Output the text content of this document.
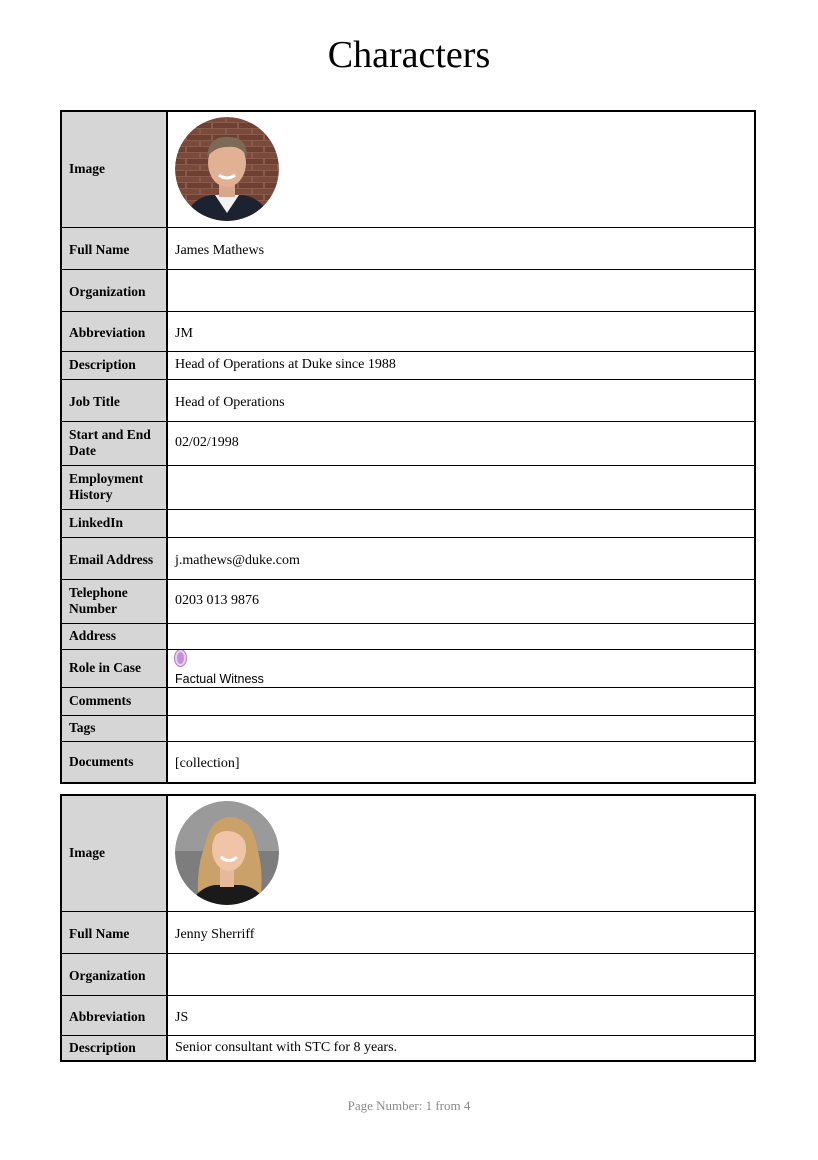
Characters
Image	

Full Name	James Mathews

Organization	

Abbreviation	JM

Description	Head of Operations at Duke since 1988

Job Title	Head of Operations

Start and End Date	02/02/1998
Employment History	
LinkedIn	

Email Address	j.mathews@duke.com

Telephone Number	0203 013 9876
Address	
Role in Case	Factual Witness

Comments	
Tags	
Documents	[collection]
Image	

Full Name	Jenny Sherriff

Organization	

Abbreviation	JS

Description	Senior consultant with STC for 8 years.
Page Number: 1 from 4
